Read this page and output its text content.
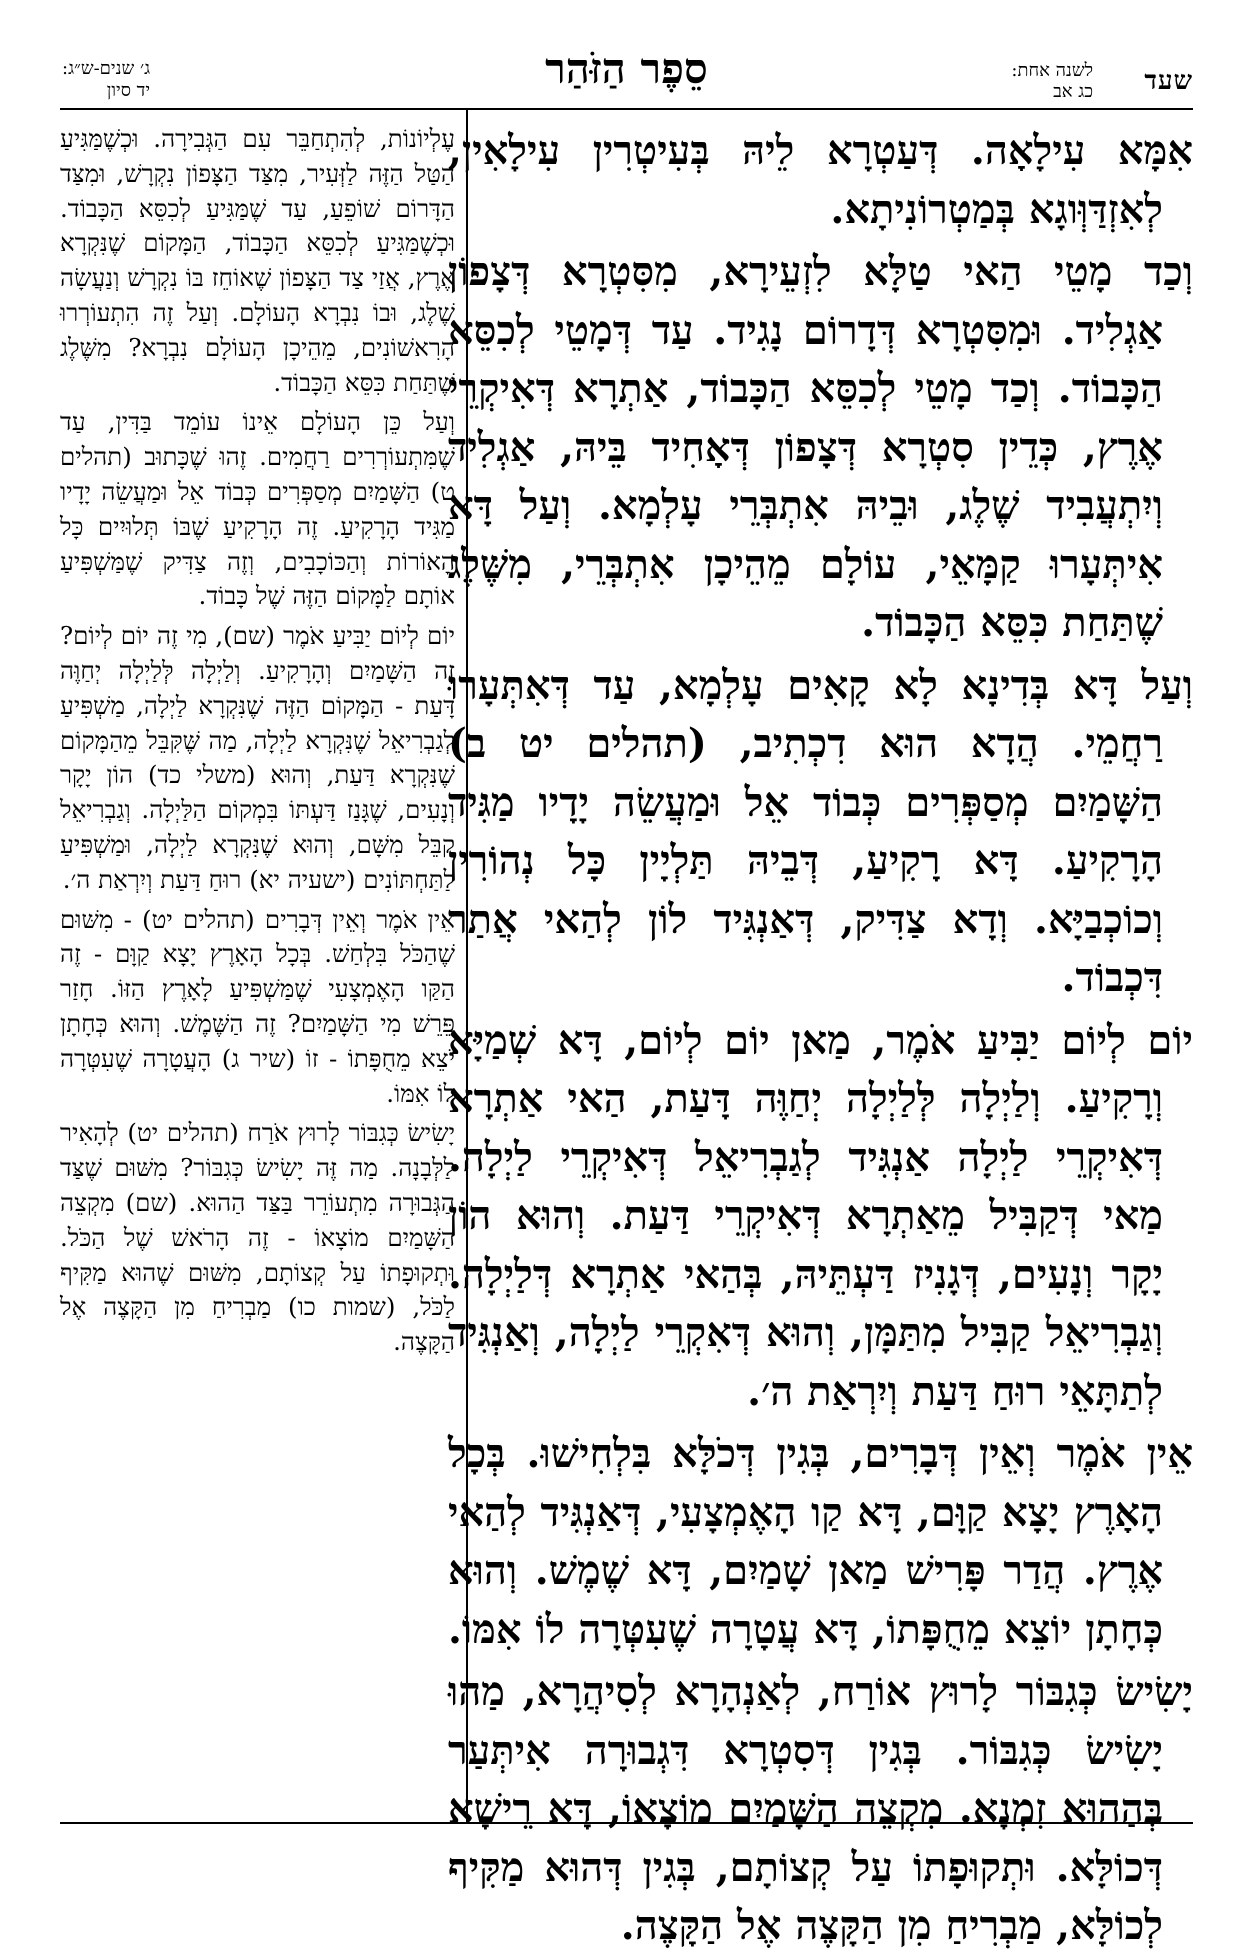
שעד
לשנה אחת:
כג אב
סֵפֶר הַזֹּהַר
ג׳ שנים-ש״ג:
יד סיון

אִמָּא עִילָאָה. דְּעַטְרָא לֵיהּ בְּעִיטְרִין עִילָאִין, לְאִזְדַּוְּוגָא בְּמַטְרוֹנִיתָא.

וְכַד מָטֵי הַאי טַלָּא לִזְעֵירָא, מִסִּטְרָא דְּצָפוֹן אַגְלִיד. וּמִסִּטְרָא דְּדָרוֹם נָגִיד. עַד דְּמָטֵי לְכִסֵּא הַכָּבוֹד. וְכַד מָטֵי לְכִסֵּא הַכָּבוֹד, אַתְרָא דְּאִיקְרֵי אֶרֶץ, כְּדֵין סִטְרָא דְּצָפוֹן דְּאָחִיד בֵּיהּ, אַגְלִיד וְיִתְעֲבִיד שֶׁלֶג, וּבֵיהּ אִתְבְּרֵי עָלְמָא. וְעַל דָּא אִיתְּעָרוּ קַמָּאֵי, עוֹלָם מֵהֵיכָן אִתְבְּרֵי, מִשֶּׁלֶג שֶׁתַּחַת כִּסֵּא הַכָּבוֹד.

וְעַל דָּא בְּדִינָא לָא קָאִים עָלְמָא, עַד דְּאִתְּעָרוּ רַחֲמֵי. הֲדָא הוּא דִכְתִיב, (תהלים יט ב) הַשָּׁמַיִם מְסַפְּרִים כְּבוֹד אֵל וּמַעֲשֵׂה יָדָיו מַגִּיד הָרָקִיעַ. דָּא רָקִיעַ, דְּבֵיהּ תַּלְיָין כָּל נְהוֹרִין וְכוֹכְבַיָּא. וְדָא צַדִּיק, דְּאַנְגִּיד לוֹן לְהַאי אֲתַר דִּכְבוֹד.

יוֹם לְיוֹם יַבִּיעַ אֹמֶר, מַאן יוֹם לְיוֹם, דָּא שְׁמַיָּא וְרָקִיעַ. וְלַיְלָה לְּלַיְלָה יְחַוֶּה דָּעַת, הַאי אַתְרָא דְּאִיקְרֵי לַיְלָה אַנְגִּיד לְגַבְרִיאֵל דְּאִיקְרֵי לַיְלָה. מַאי דְּקַבִּיל מֵאַתְרָא דְּאִיקְרֵי דַּעַת. וְהוּא הוֹן יָקָר וְנָעִים, דְּגָנִיז דַּעְתֵּיהּ, בְּהַאי אַתְרָא דְּלַיְלָה. וְגַבְרִיאֵל קַבִּיל מִתַּמָּן, וְהוּא דְּאִקְרֵי לַיְלָה, וְאַנְגִּיד לְתַתָּאֵי רוּחַ דַּעַת וְיִרְאַת ה׳.

אֵין אֹמֶר וְאֵין דְּבָרִים, בְּגִין דְּכֹלָּא בִּלְחִישׁוּ. בְּכָל הָאָרֶץ יָצָא קַוָּם, דָּא קַו הָאֶמְצָעִי, דְּאַנְגִּיד לְהַאי אֶרֶץ. הֲדַר פָּרִישׁ מַאן שָׁמַיִם, דָּא שֶׁמֶשׁ. וְהוּא כְּחָתָן יוֹצֵא מֵחֻפָּתוֹ, דָּא עֲטָרָה שֶׁעִטְּרָה לוֹ אִמּוֹ.

יָשִׂישׂ כְּגִבּוֹר לָרוּץ אוֹרַח, לְאַנְהָרָא לְסִיהֲרָא, מַהוּ יָשִׂישׂ כְּגִבּוֹר. בְּגִין דְּסִטְרָא דִּגְבוּרָה אִיתְּעַר בְּהַהוּא זִמְנָא. מִקְצֵה הַשָּׁמַיִם מוֹצָאוֹ, דָּא רֵישָׁא דְּכוֹלָּא. וּתְקוּפָתוֹ עַל קְצוֹתָם, בְּגִין דְּהוּא מַקִּיף לְכוֹלָּא, מַבְרִיחַ מִן הַקָּצֶה אֶל הַקָּצֶה.

עֶלְיוֹנוֹת, לְהִתְחַבֵּר עִם הַגְּבִירָה. וּכְשֶׁמַּגִּיעַ הַטַּל הַזֶּה לַזְּעִיר, מִצַּד הַצָּפוֹן נִקְרָשׁ, וּמִצַּד הַדָּרוֹם שׁוֹפֵעַ, עַד שֶׁמַּגִּיעַ לְכִסֵּא הַכָּבוֹד. וּכְשֶׁמַּגִּיעַ לְכִסֵּא הַכָּבוֹד, הַמָּקוֹם שֶׁנִּקְרָא אֶרֶץ, אֲזַי צַד הַצָּפוֹן שֶׁאוֹחֵז בּוֹ נִקְרָשׁ וְנַעֲשָׂה שֶׁלֶג, וּבוֹ נִבְרָא הָעוֹלָם. וְעַל זֶה הִתְעוֹרְרוּ הָרִאשׁוֹנִים, מֵהֵיכָן הָעוֹלָם נִבְרָא? מִשֶּׁלֶג שֶׁתַּחַת כִּסֵּא הַכָּבוֹד.

וְעַל כֵּן הָעוֹלָם אֵינוֹ עוֹמֵד בַּדִּין, עַד שֶׁמִּתְעוֹרְרִים רַחֲמִים. זֶהוּ שֶׁכָּתוּב (תהלים ט) הַשָּׁמַיִם מְסַפְּרִים כְּבוֹד אֵל וּמַעֲשֵׂה יָדָיו מַגִּיד הָרָקִיעַ. זֶה הָרָקִיעַ שֶׁבּוֹ תְּלוּיִים כָּל הָאוֹרוֹת וְהַכּוֹכָבִים, וְזֶה צַדִּיק שֶׁמַּשְׁפִּיעַ אוֹתָם לַמָּקוֹם הַזֶּה שֶׁל כָּבוֹד.

יוֹם לְיוֹם יַבִּיעַ אֹמֶר (שם), מִי זֶה יוֹם לְיוֹם? זֶה הַשָּׁמַיִם וְהָרָקִיעַ. וְלַיְלָה לְּלַיְלָה יְחַוֶּה דָּעַת - הַמָּקוֹם הַזֶּה שֶׁנִּקְרָא לַיְלָה, מַשְׁפִּיעַ לְגַבְרִיאֵל שֶׁנִּקְרָא לַיְלָה, מַה שֶּׁקִּבֵּל מֵהַמָּקוֹם שֶׁנִּקְרָא דַּעַת, וְהוּא (משלי כד) הוֹן יָקָר וְנָעִים, שֶׁגָּנַז דַּעְתּוֹ בִּמְקוֹם הַלַּיְלָה. וְגַבְרִיאֵל קִבֵּל מִשָּׁם, וְהוּא שֶׁנִּקְרָא לַיְלָה, וּמַשְׁפִּיעַ לַתַּחְתּוֹנִים (ישעיה יא) רוּחַ דַּעַת וְיִרְאַת ה׳.

אֵין אֹמֶר וְאֵין דְּבָרִים (תהלים יט) - מִשּׁוּם שֶׁהַכֹּל בִּלְחַשׁ. בְּכָל הָאָרֶץ יָצָא קַוָּם - זֶה הַקַּו הָאֶמְצָעִי שֶׁמַּשְׁפִּיעַ לָאָרֶץ הַזּוֹ. חָזַר פֵּרֵשׁ מִי הַשָּׁמַיִם? זֶה הַשֶּׁמֶשׁ. וְהוּא כְּחָתָן יֹצֵא מֵחֻפָּתוֹ - זוֹ (שיר ג) הָעֲטָרָה שֶׁעִטְּרָה לוֹ אִמּוֹ.

יָשִׂישׂ כְּגִבּוֹר לָרוּץ אֹרַח (תהלים יט) לְהָאִיר לַלְּבָנָה. מַה זֶּה יָשִׂישׂ כְּגִבּוֹר? מִשּׁוּם שֶׁצַּד הַגְּבוּרָה מִתְעוֹרֵר בַּצַּד הַהוּא. (שם) מִקְצֵה הַשָּׁמַיִם מוֹצָאוֹ - זֶה הָרֹאשׁ שֶׁל הַכֹּל. וּתְקוּפָתוֹ עַל קְצוֹתָם, מִשּׁוּם שֶׁהוּא מַקִּיף לַכֹּל, (שמות כו) מַבְרִיחַ מִן הַקָּצֶה אֶל הַקָּצֶה.
